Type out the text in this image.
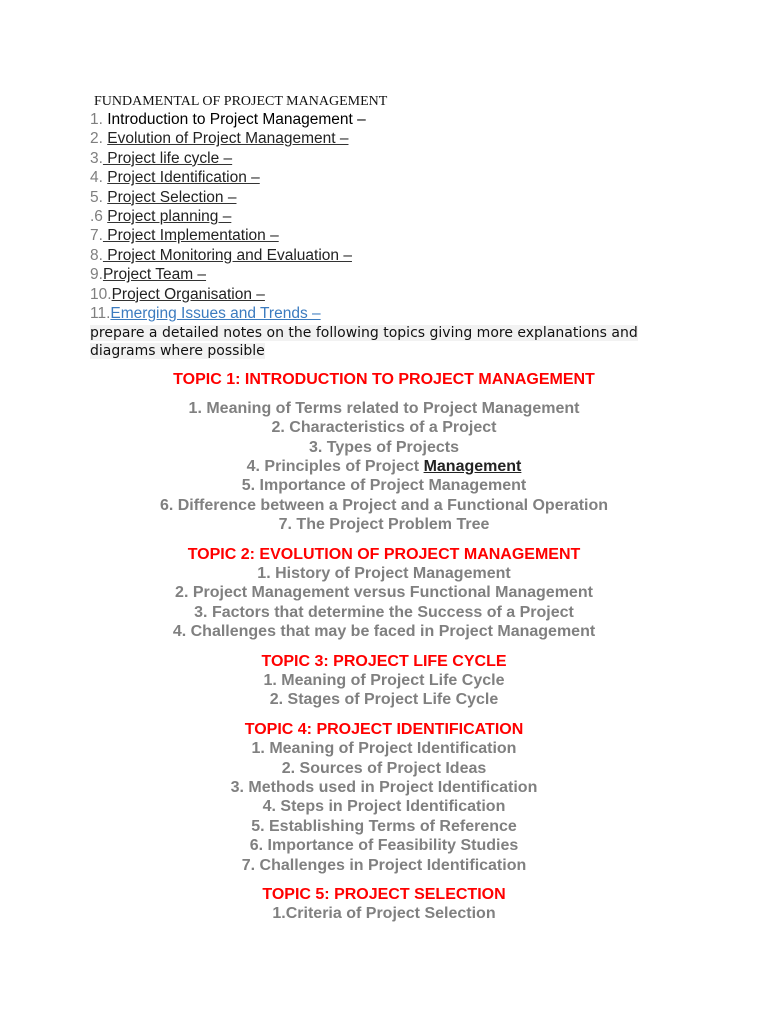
FUNDAMENTAL OF PROJECT MANAGEMENT
1. Introduction to Project Management –
2. Evolution of Project Management –
3. Project life cycle –
4. Project Identification –
5. Project Selection –
.6 Project planning –
7. Project Implementation –
8. Project Monitoring and Evaluation –
9.Project Team –
10.Project Organisation –
11.Emerging Issues and Trends –
prepare a detailed notes on the following topics giving more explanations and diagrams where possible
TOPIC 1: INTRODUCTION TO PROJECT MANAGEMENT
1. Meaning of Terms related to Project Management
2. Characteristics of a Project
3. Types of Projects
4. Principles of Project Management
5. Importance of Project Management
6. Difference between a Project and a Functional Operation
7. The Project Problem Tree
TOPIC 2: EVOLUTION OF PROJECT MANAGEMENT
1. History of Project Management
2. Project Management versus Functional Management
3. Factors that determine the Success of a Project
4. Challenges that may be faced in Project Management
TOPIC 3: PROJECT LIFE CYCLE
1. Meaning of Project Life Cycle
2. Stages of Project Life Cycle
TOPIC 4: PROJECT IDENTIFICATION
1. Meaning of Project Identification
2. Sources of Project Ideas
3. Methods used in Project Identification
4. Steps in Project Identification
5. Establishing Terms of Reference
6. Importance of Feasibility Studies
7. Challenges in Project Identification
TOPIC 5: PROJECT SELECTION
1.Criteria of Project Selection
